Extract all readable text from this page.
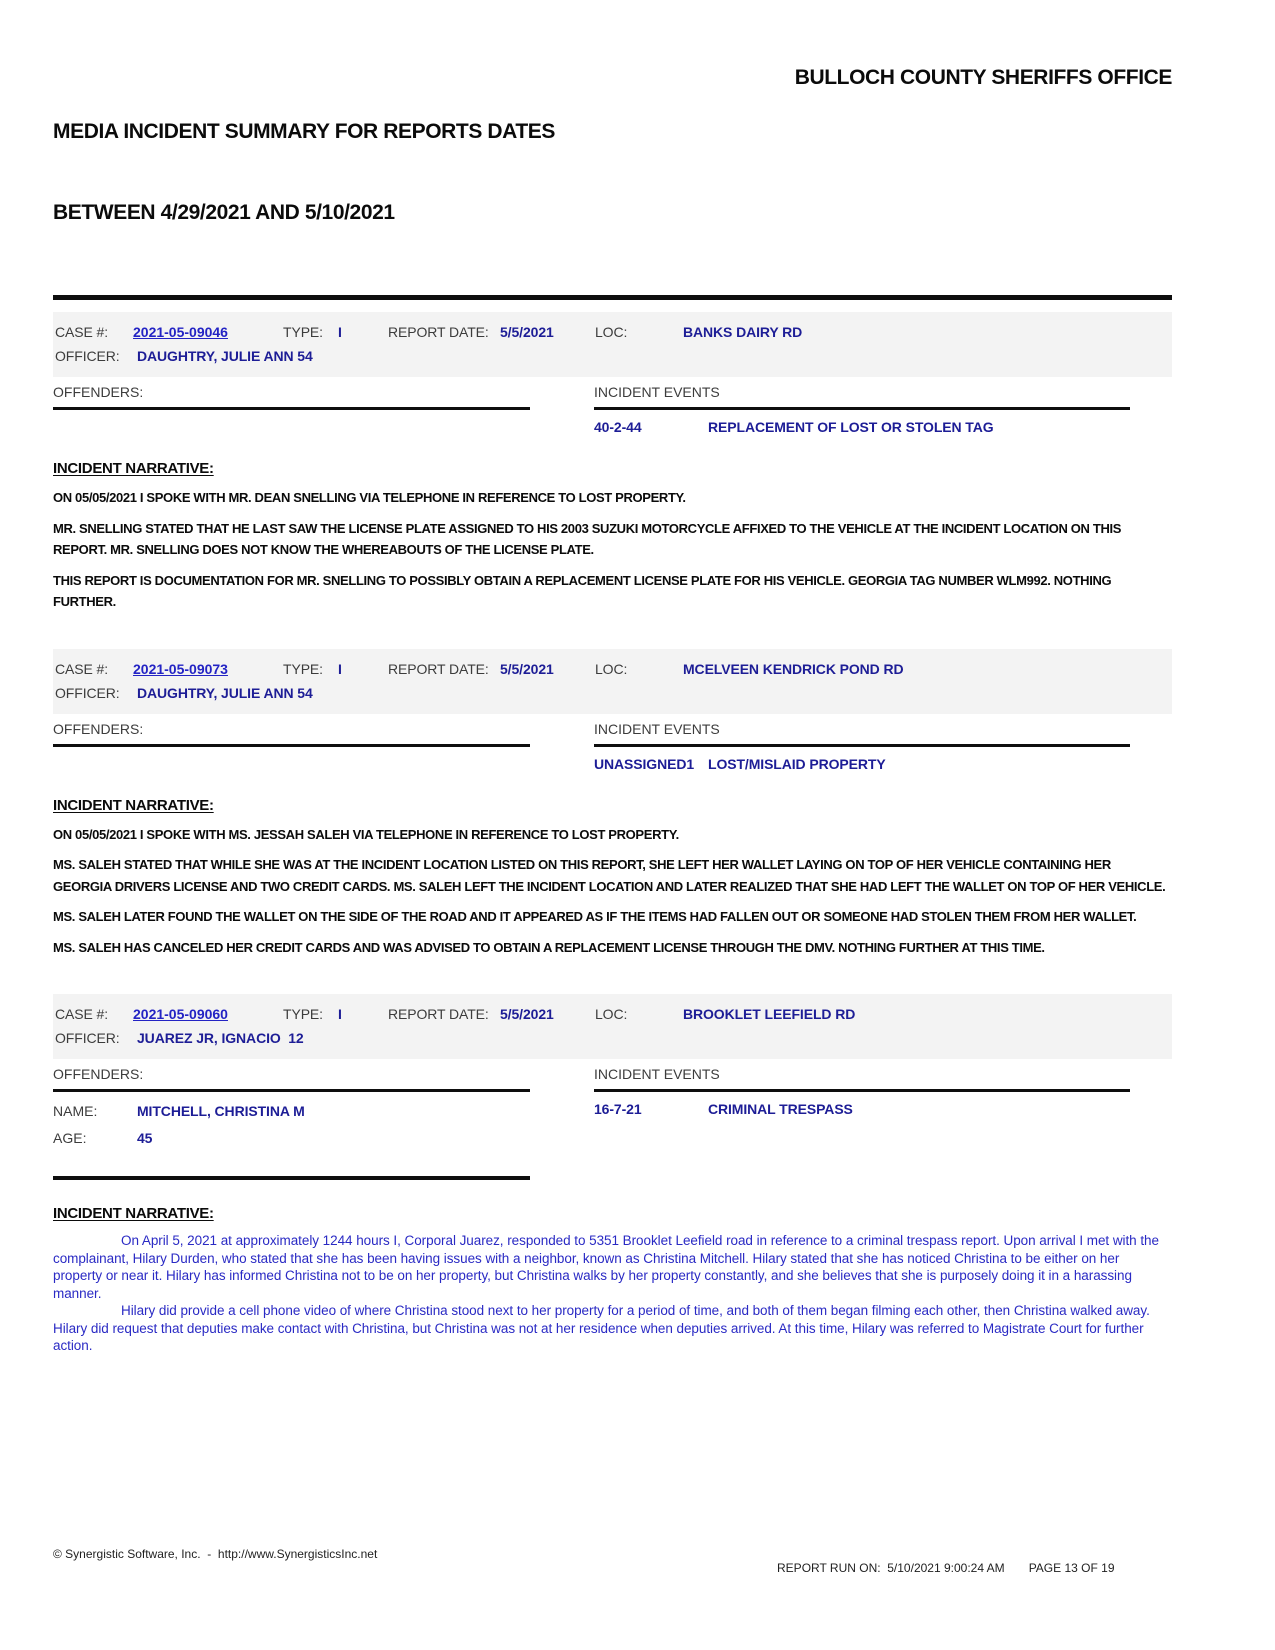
MEDIA INCIDENT SUMMARY FOR REPORTS DATES

BETWEEN 4/29/2021 AND 5/10/2021

BULLOCH COUNTY SHERIFFS OFFICE
CASE #:	2021-05-09046	TYPE:	I	REPORT DATE: 5/5/2021	LOC:	BANKS DAIRY RD
OFFICER:	DAUGHTRY, JULIE ANN 54
OFFENDERS:	INCIDENT EVENTS
40-2-44	REPLACEMENT OF LOST OR STOLEN TAG
INCIDENT NARRATIVE:

ON 05/05/2021 I SPOKE WITH MR. DEAN SNELLING VIA TELEPHONE IN REFERENCE TO LOST PROPERTY.

MR. SNELLING STATED THAT HE LAST SAW THE LICENSE PLATE ASSIGNED TO HIS 2003 SUZUKI MOTORCYCLE AFFIXED TO THE VEHICLE AT THE INCIDENT LOCATION ON THIS REPORT. MR. SNELLING DOES NOT KNOW THE WHEREABOUTS OF THE LICENSE PLATE.

THIS REPORT IS DOCUMENTATION FOR MR. SNELLING TO POSSIBLY OBTAIN A REPLACEMENT LICENSE PLATE FOR HIS VEHICLE. GEORGIA TAG NUMBER WLM992. NOTHING FURTHER.

CASE #:	2021-05-09073	TYPE:	I	REPORT DATE: 5/5/2021	LOC:	MCELVEEN KENDRICK POND RD
OFFICER:	DAUGHTRY, JULIE ANN 54
OFFENDERS:	INCIDENT EVENTS
UNASSIGNED1 LOST/MISLAID PROPERTY
INCIDENT NARRATIVE:

ON 05/05/2021 I SPOKE WITH MS. JESSAH SALEH VIA TELEPHONE IN REFERENCE TO LOST PROPERTY.

MS. SALEH STATED THAT WHILE SHE WAS AT THE INCIDENT LOCATION LISTED ON THIS REPORT, SHE LEFT HER WALLET LAYING ON TOP OF HER VEHICLE CONTAINING HER GEORGIA DRIVERS LICENSE AND TWO CREDIT CARDS. MS. SALEH LEFT THE INCIDENT LOCATION AND LATER REALIZED THAT SHE HAD LEFT THE WALLET ON TOP OF HER VEHICLE.

MS. SALEH LATER FOUND THE WALLET ON THE SIDE OF THE ROAD AND IT APPEARED AS IF THE ITEMS HAD FALLEN OUT OR SOMEONE HAD STOLEN THEM FROM HER WALLET.

MS. SALEH HAS CANCELED HER CREDIT CARDS AND WAS ADVISED TO OBTAIN A REPLACEMENT LICENSE THROUGH THE DMV. NOTHING FURTHER AT THIS TIME.

CASE #:	2021-05-09060	TYPE:	I	REPORT DATE: 5/5/2021	LOC:	BROOKLET LEEFIELD RD
OFFICER:	JUAREZ JR, IGNACIO  12
OFFENDERS:
NAME:	MITCHELL, CHRISTINA M
AGE:	45
INCIDENT EVENTS
16-7-21	CRIMINAL TRESPASS
INCIDENT NARRATIVE:

On April 5, 2021 at approximately 1244 hours I, Corporal Juarez, responded to 5351 Brooklet Leefield road in reference to a criminal trespass report. Upon arrival I met with the complainant, Hilary Durden, who stated that she has been having issues with a neighbor, known as Christina Mitchell. Hilary stated that she has noticed Christina to be either on her property or near it. Hilary has informed Christina not to be on her property, but Christina walks by her property constantly, and she believes that she is purposely doing it in a harassing manner.

Hilary did provide a cell phone video of where Christina stood next to her property for a period of time, and both of them began filming each other, then Christina walked away. Hilary did request that deputies make contact with Christina, but Christina was not at her residence when deputies arrived. At this time, Hilary was referred to Magistrate Court for further action.

© Synergistic Software, Inc.  -  http://www.SynergisticsInc.net

REPORT RUN ON:  5/10/2021 9:00:24 AM PAGE 13 OF 19
